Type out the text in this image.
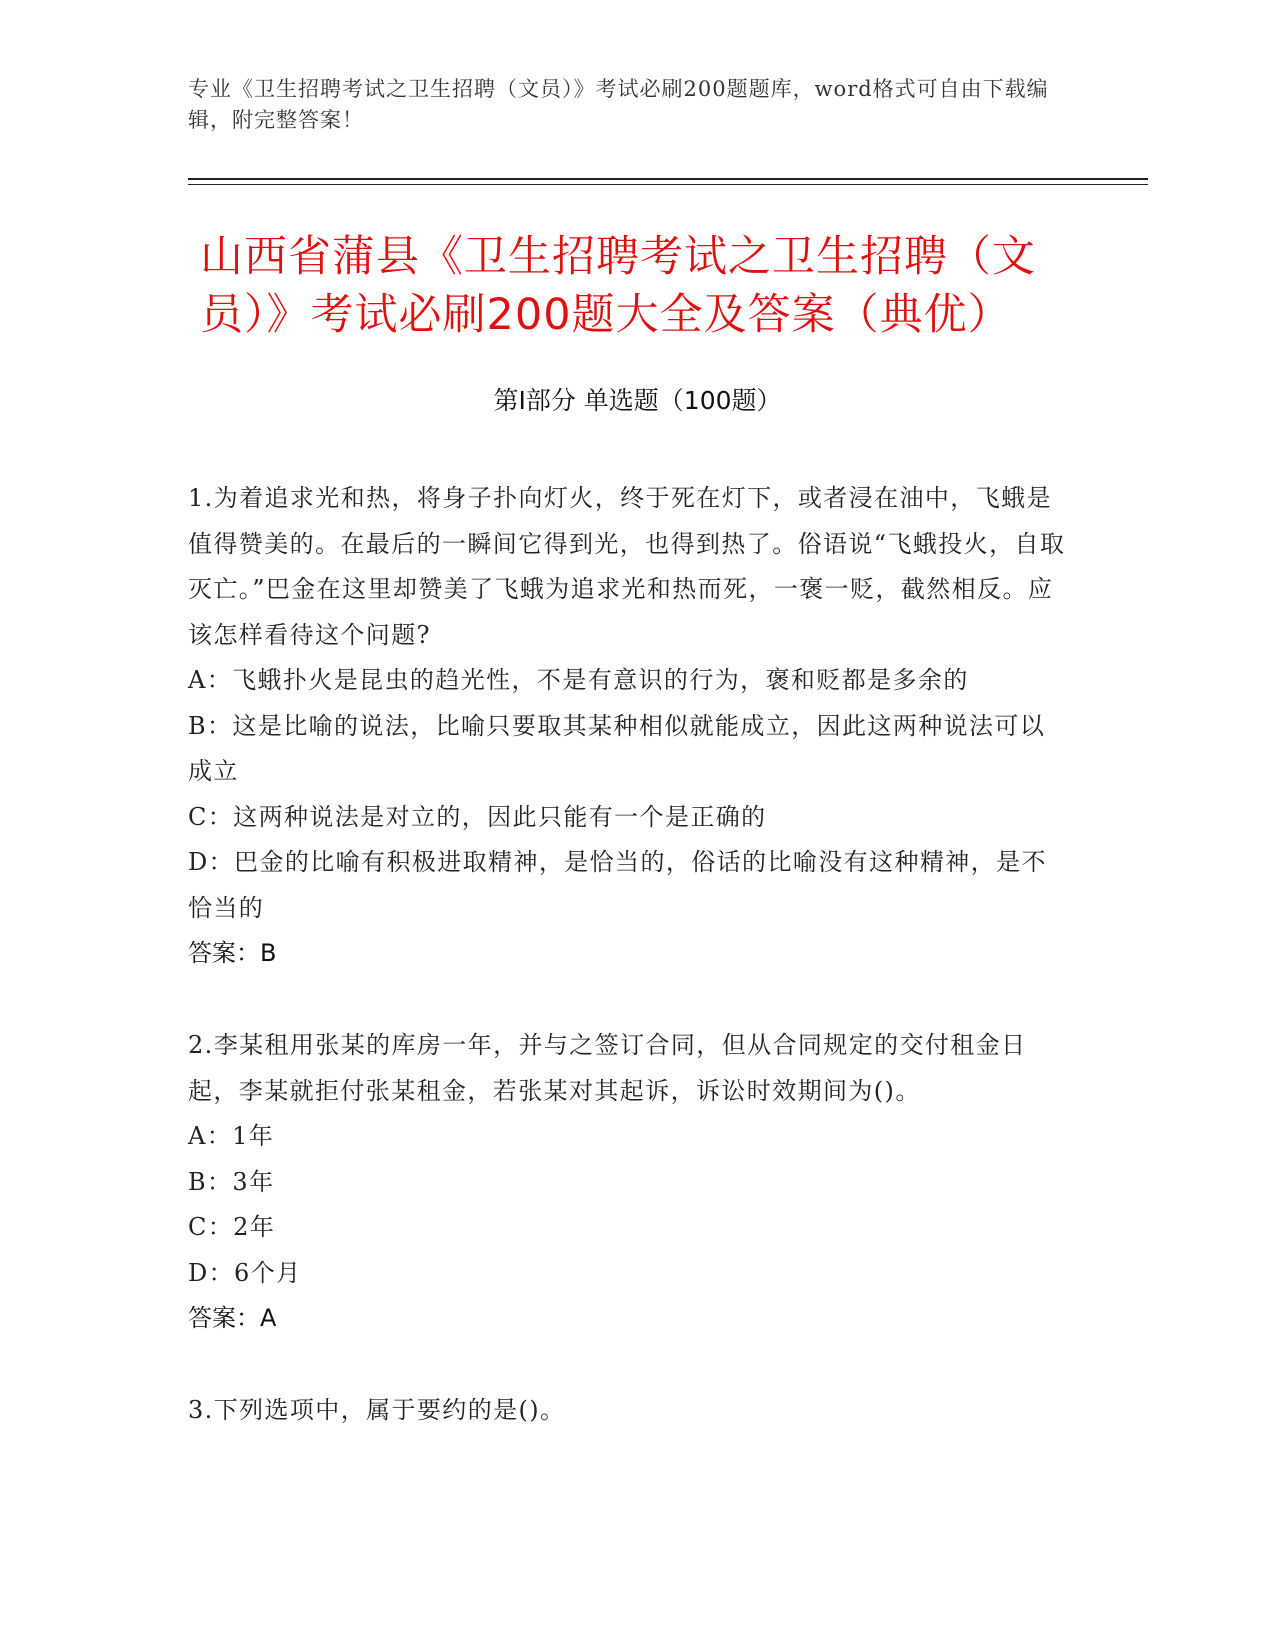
专业《卫生招聘考试之卫生招聘（文员）》考试必刷200题题库，word格式可自由下载编辑，附完整答案！
山西省蒲县《卫生招聘考试之卫生招聘（文员）》考试必刷200题大全及答案（典优）
第I部分 单选题（100题）

1.为着追求光和热，将身子扑向灯火，终于死在灯下，或者浸在油中，飞蛾是值得赞美的。在最后的一瞬间它得到光，也得到热了。俗语说“飞蛾投火，自取灭亡。”巴金在这里却赞美了飞蛾为追求光和热而死，一褒一贬，截然相反。应该怎样看待这个问题?

A：飞蛾扑火是昆虫的趋光性，不是有意识的行为，褒和贬都是多余的

B：这是比喻的说法，比喻只要取其某种相似就能成立，因此这两种说法可以成立

C：这两种说法是对立的，因此只能有一个是正确的

D：巴金的比喻有积极进取精神，是恰当的，俗话的比喻没有这种精神，是不恰当的

答案：B

2.李某租用张某的库房一年，并与之签订合同，但从合同规定的交付租金日起，李某就拒付张某租金，若张某对其起诉，诉讼时效期间为()。

A：1年

B：3年

C：2年

D：6个月

答案：A

3.下列选项中，属于要约的是()。
